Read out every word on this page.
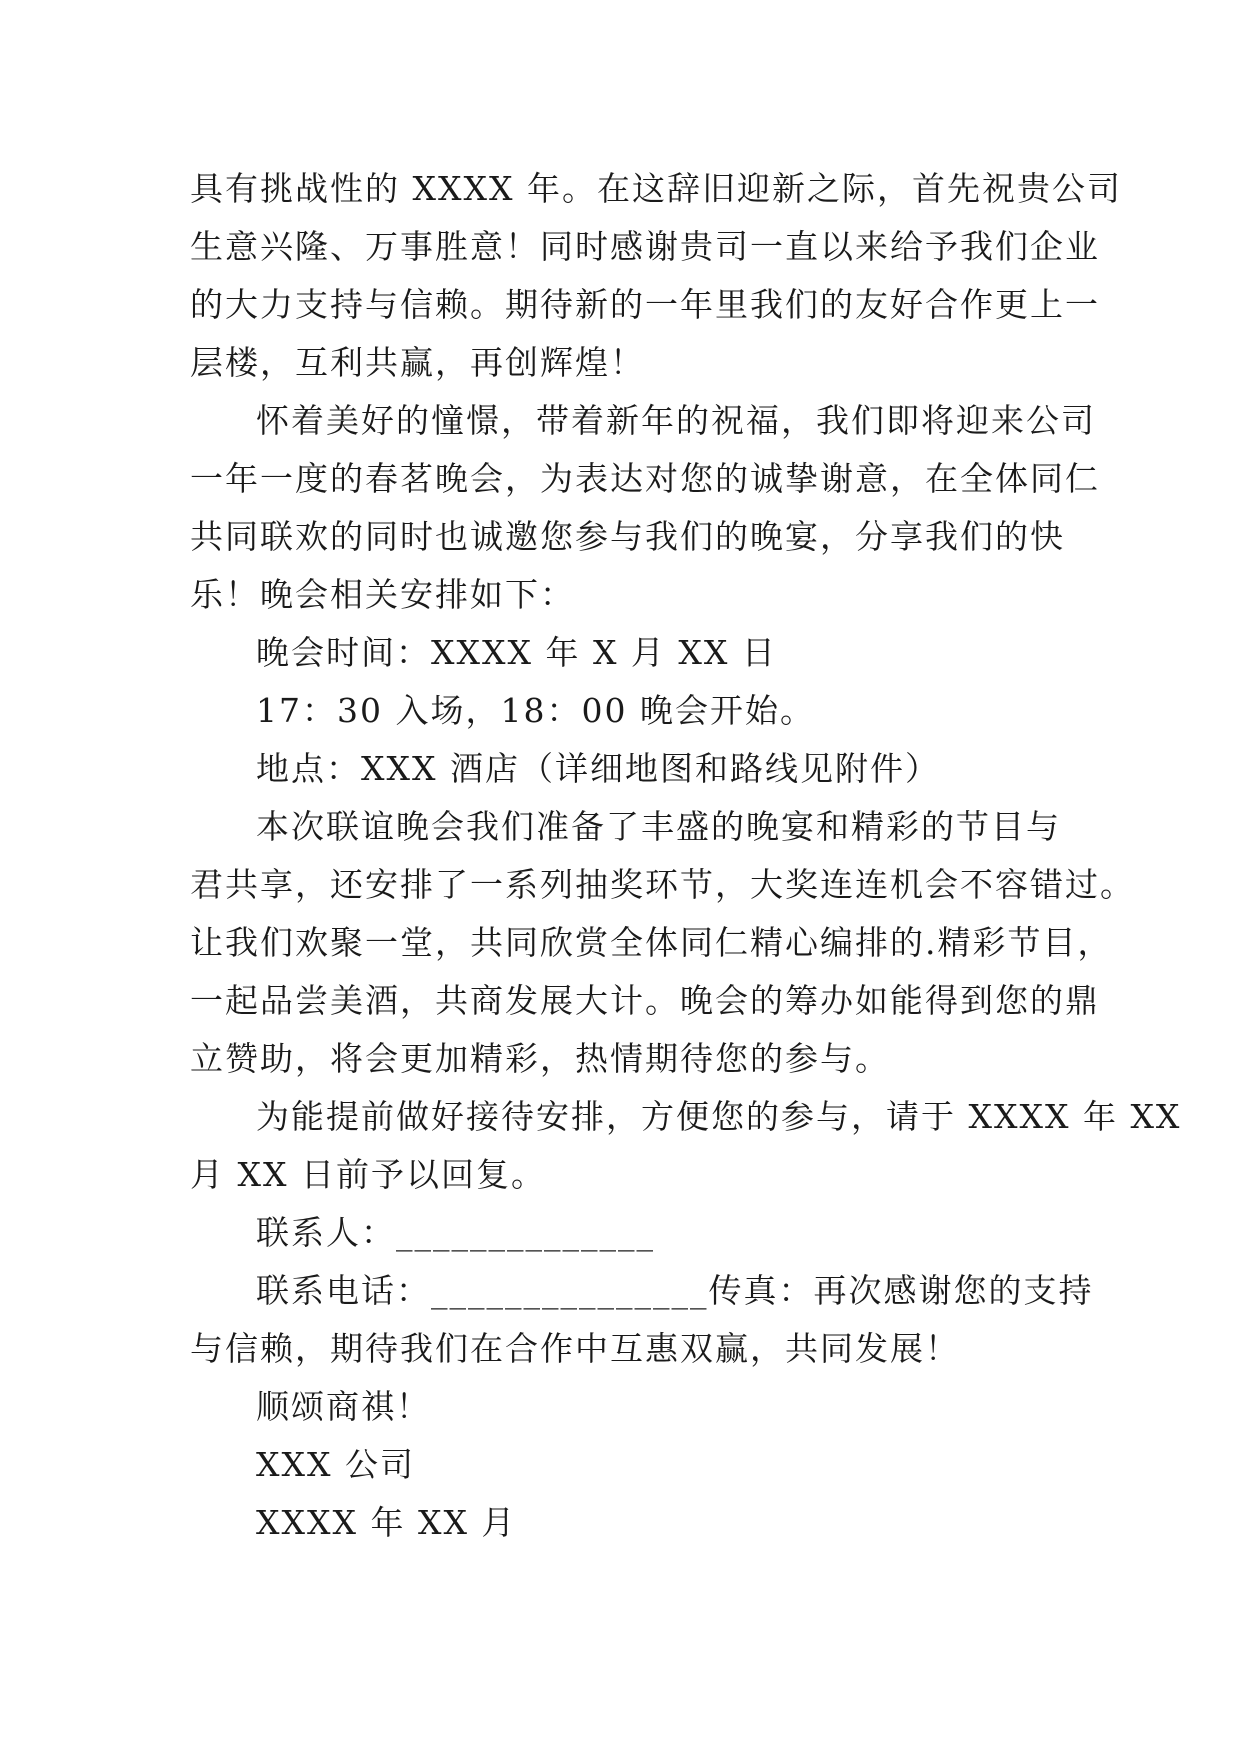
具有挑战性的 XXXX 年。在这辞旧迎新之际，首先祝贵公司
生意兴隆、万事胜意！同时感谢贵司一直以来给予我们企业
的大力支持与信赖。期待新的一年里我们的友好合作更上一
层楼，互利共赢，再创辉煌！
怀着美好的憧憬，带着新年的祝福，我们即将迎来公司
一年一度的春茗晚会，为表达对您的诚挚谢意，在全体同仁
共同联欢的同时也诚邀您参与我们的晚宴，分享我们的快
乐！晚会相关安排如下：
晚会时间：XXXX 年 X 月 XX 日
17：30 入场，18：00 晚会开始。
地点：XXX 酒店（详细地图和路线见附件）
本次联谊晚会我们准备了丰盛的晚宴和精彩的节目与
君共享，还安排了一系列抽奖环节，大奖连连机会不容错过。
让我们欢聚一堂，共同欣赏全体同仁精心编排的.精彩节目，
一起品尝美酒，共商发展大计。晚会的筹办如能得到您的鼎
立赞助，将会更加精彩，热情期待您的参与。
为能提前做好接待安排，方便您的参与，请于 XXXX 年 XX
月 XX 日前予以回复。
联系人：______________
联系电话：_______________传真：再次感谢您的支持
与信赖，期待我们在合作中互惠双赢，共同发展！
顺颂商祺！
XXX 公司
XXXX 年 XX 月
